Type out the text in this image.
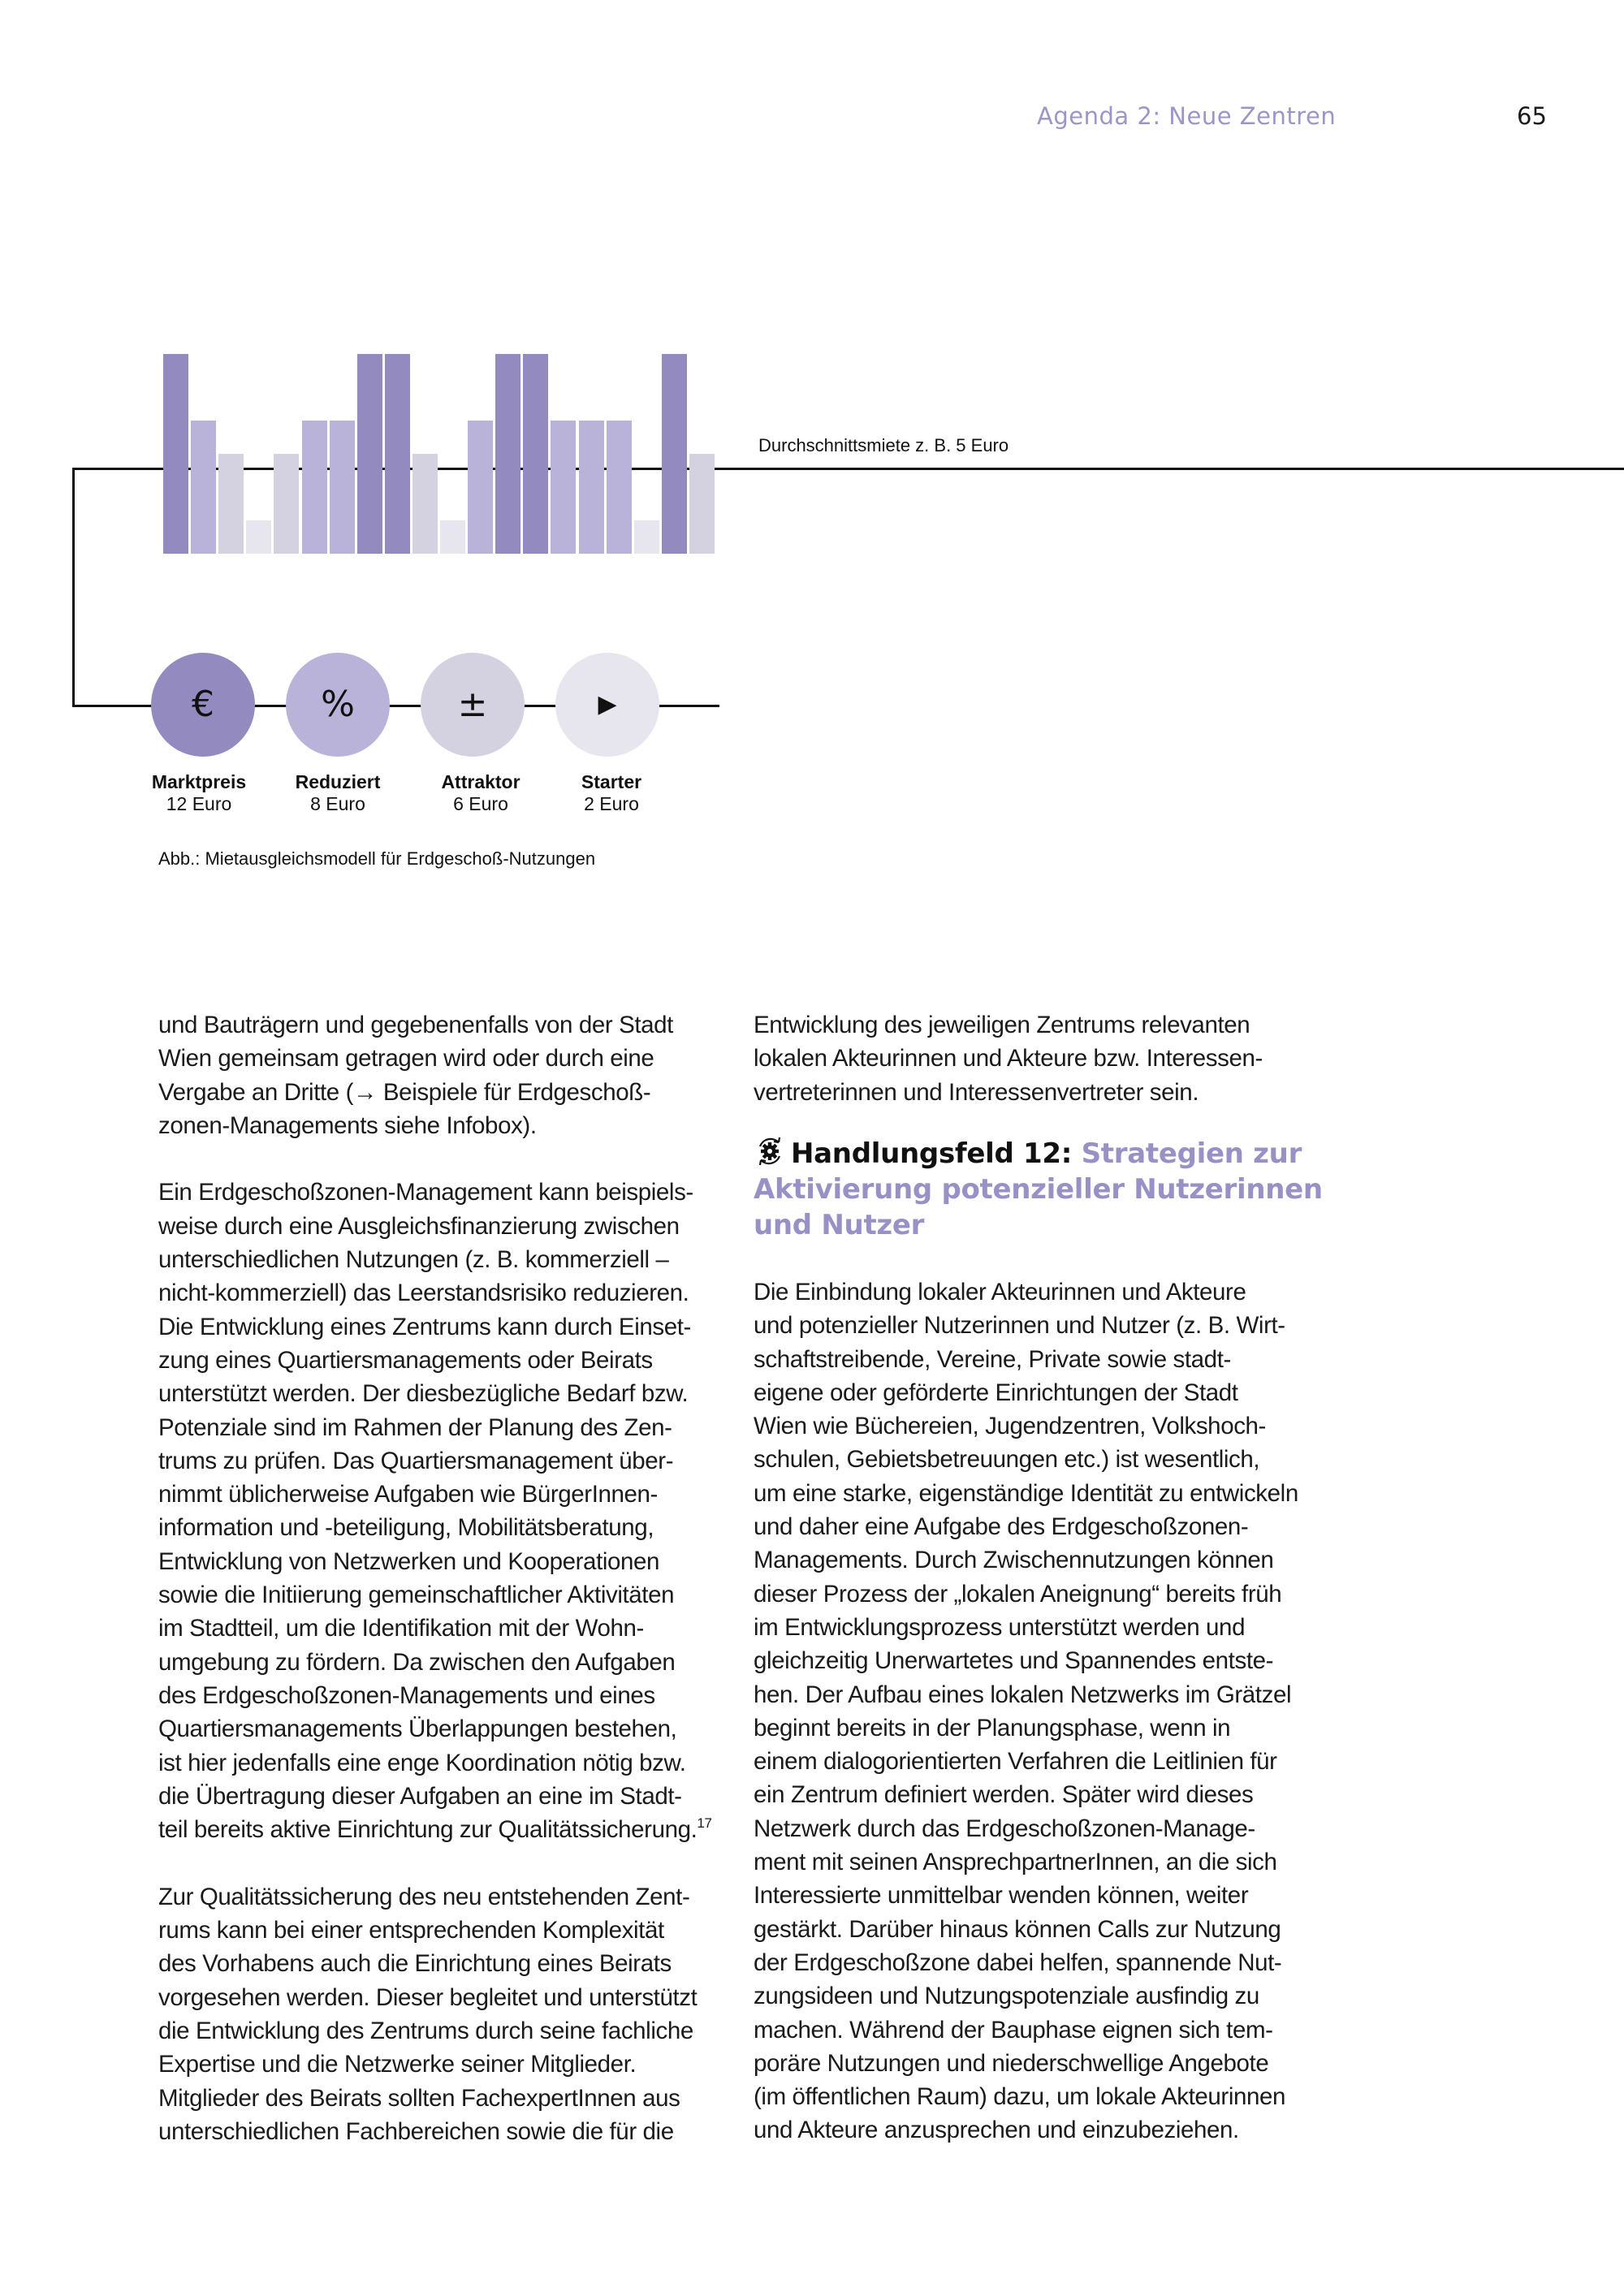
Agenda 2: Neue Zentren	65
Durchschnittsmiete z. B. 5 Euro
€	%	±	▶
Marktpreis
12 Euro
Reduziert
8 Euro
Attraktor
6 Euro
Starter
2 Euro
Abb.: Mietausgleichsmodell für Erdgeschoß-Nutzungen
und Bauträgern und gegebenenfalls von der Stadt
Wien gemeinsam getragen wird oder durch eine
Vergabe an Dritte (→ Beispiele für Erdgeschoß-
zonen-Managements siehe Infobox).
Ein Erdgeschoßzonen-Management kann beispiels-
weise durch eine Ausgleichsfinanzierung zwischen
unterschiedlichen Nutzungen (z. B. kommerziell –
nicht-kommerziell) das Leerstandsrisiko reduzieren.
Die Entwicklung eines Zentrums kann durch Einset-
zung eines Quartiersmanagements oder Beirats
unterstützt werden. Der diesbezügliche Bedarf bzw.
Potenziale sind im Rahmen der Planung des Zen-
trums zu prüfen. Das Quartiersmanagement über-
nimmt üblicherweise Aufgaben wie BürgerInnen-
information und -beteiligung, Mobilitätsberatung,
Entwicklung von Netzwerken und Kooperationen
sowie die Initiierung gemeinschaftlicher Aktivitäten
im Stadtteil, um die Identifikation mit der Wohn-
umgebung zu fördern. Da zwischen den Aufgaben
des Erdgeschoßzonen-Managements und eines
Quartiersmanagements Überlappungen bestehen,
ist hier jedenfalls eine enge Koordination nötig bzw.
die Übertragung dieser Aufgaben an eine im Stadt-
teil bereits aktive Einrichtung zur Qualitätssicherung.$^{17}$
Zur Qualitätssicherung des neu entstehenden Zent-
rums kann bei einer entsprechenden Komplexität
des Vorhabens auch die Einrichtung eines Beirats
vorgesehen werden. Dieser begleitet und unterstützt
die Entwicklung des Zentrums durch seine fachliche
Expertise und die Netzwerke seiner Mitglieder.
Mitglieder des Beirats sollten FachexpertInnen aus
unterschiedlichen Fachbereichen sowie die für die
Entwicklung des jeweiligen Zentrums relevanten
lokalen Akteurinnen und Akteure bzw. Interessen-
vertreterinnen und Interessenvertreter sein.
Handlungsfeld 12: Strategien zur
Aktivierung potenzieller Nutzerinnen
und Nutzer
Die Einbindung lokaler Akteurinnen und Akteure
und potenzieller Nutzerinnen und Nutzer (z. B. Wirt-
schaftstreibende, Vereine, Private sowie stadt-
eigene oder geförderte Einrichtungen der Stadt
Wien wie Büchereien, Jugendzentren, Volkshoch-
schulen, Gebietsbetreuungen etc.) ist wesentlich,
um eine starke, eigenständige Identität zu entwickeln
und daher eine Aufgabe des Erdgeschoßzonen-
Managements. Durch Zwischennutzungen können
dieser Prozess der „lokalen Aneignung“ bereits früh
im Entwicklungsprozess unterstützt werden und
gleichzeitig Unerwartetes und Spannendes entste-
hen. Der Aufbau eines lokalen Netzwerks im Grätzel
beginnt bereits in der Planungsphase, wenn in
einem dialogorientierten Verfahren die Leitlinien für
ein Zentrum definiert werden. Später wird dieses
Netzwerk durch das Erdgeschoßzonen-Manage-
ment mit seinen AnsprechpartnerInnen, an die sich
Interessierte unmittelbar wenden können, weiter
gestärkt. Darüber hinaus können Calls zur Nutzung
der Erdgeschoßzone dabei helfen, spannende Nut-
zungsideen und Nutzungspotenziale ausfindig zu
machen. Während der Bauphase eignen sich tem-
poräre Nutzungen und niederschwellige Angebote
(im öffentlichen Raum) dazu, um lokale Akteurinnen
und Akteure anzusprechen und einzubeziehen.
